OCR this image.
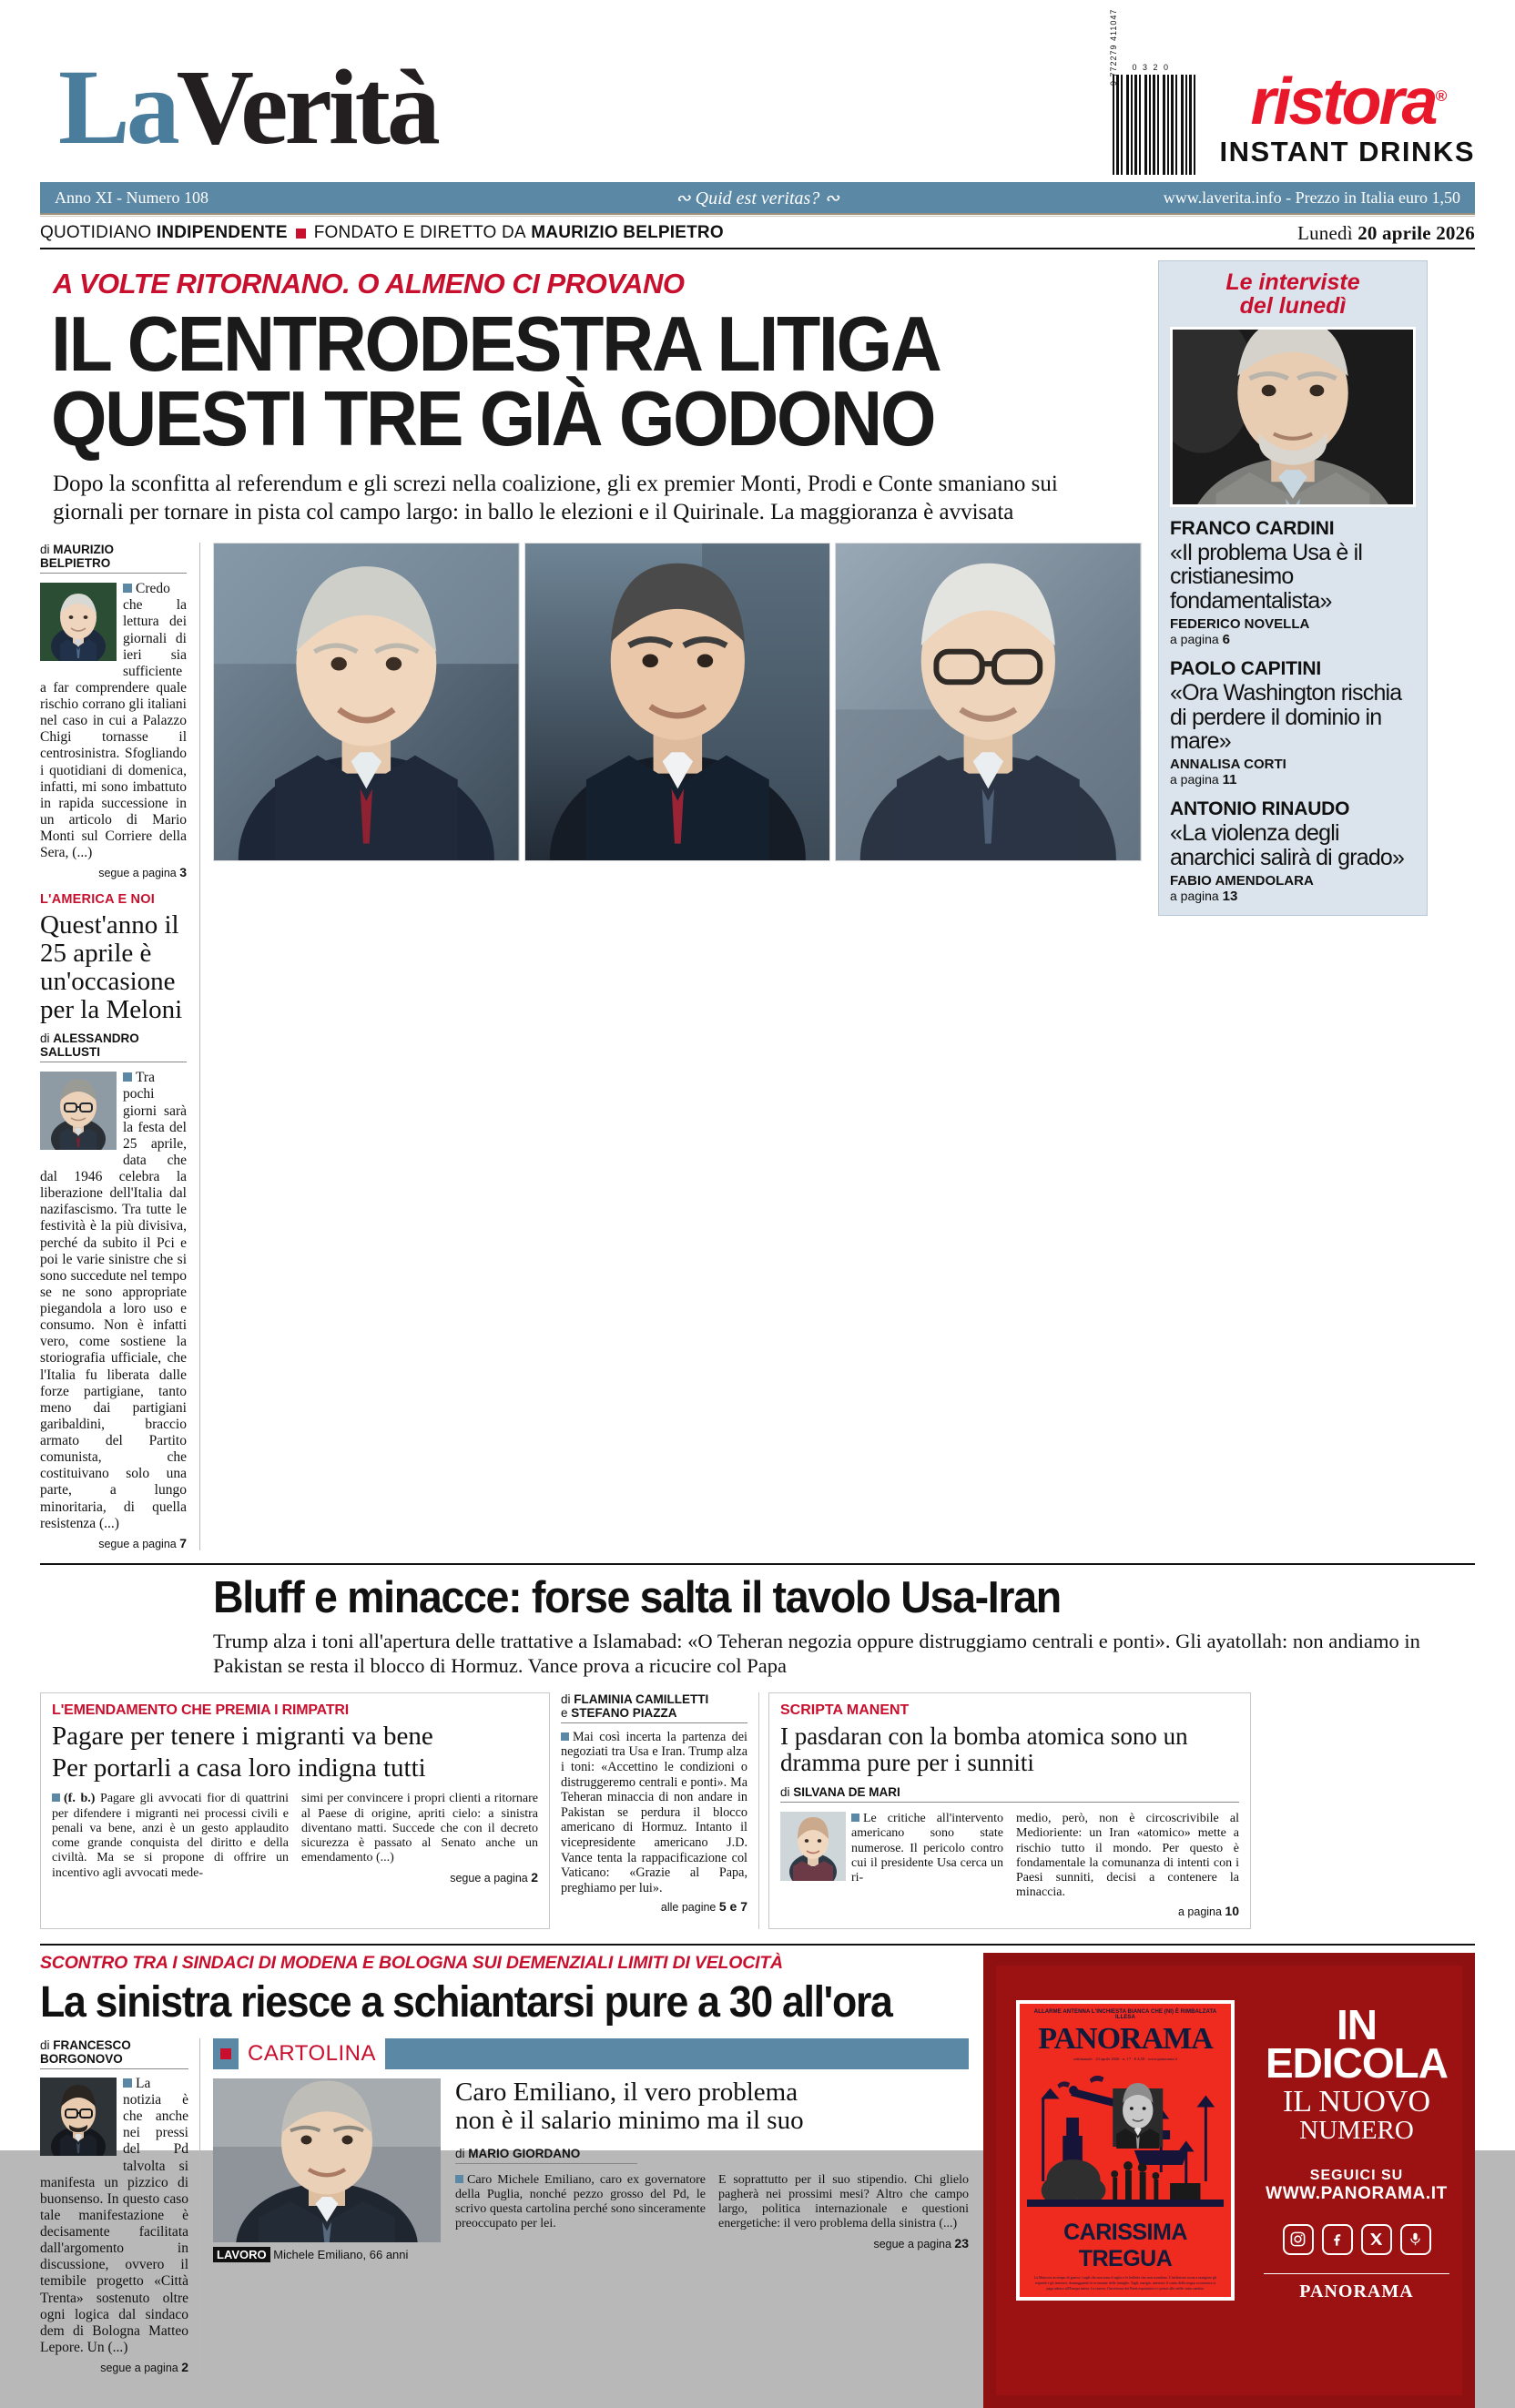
LaVerità	0 3 2 0
9 772279 411047
ristora®
INSTANT DRINKS
Anno XI - Numero 108	∾ Quid est veritas? ∾	www.laverita.info - Prezzo in Italia euro 1,50
QUOTIDIANO
INDIPENDENTE FONDATO E DIRETTO DA
MAURIZIO BELPIETRO	Lunedì 20 aprile 2026
A VOLTE RITORNANO. O ALMENO CI PROVANO
IL CENTRODESTRA LITIGA
QUESTI TRE GIÀ GODONO
Dopo la sconfitta al referendum e gli screzi nella coalizione, gli ex premier Monti, Prodi e Conte smaniano sui giornali per tornare in pista col campo largo: in ballo le elezioni e il Quirinale. La maggioranza è avvisata
di MAURIZIO BELPIETRO
Credo che la lettura dei giornali di ieri sia sufficiente a far comprendere quale rischio corrano gli italiani nel caso in cui a Palazzo Chigi tornasse il centrosinistra. Sfogliando i quotidiani di domenica, infatti, mi sono imbattuto in rapida successione in un articolo di Mario Monti sul Corriere della Sera, (...)
segue a pagina 3
L'AMERICA E NOI
Quest'anno il 25 aprile è un'occasione per la Meloni
di ALESSANDRO SALLUSTI
Tra pochi giorni sarà la festa del 25 aprile, data che dal 1946 celebra la liberazione dell'Italia dal nazifascismo. Tra tutte le festività è la più divisiva, perché da subito il Pci e poi le varie sinistre che si sono succedute nel tempo se ne sono appropriate piegandola a loro uso e consumo. Non è infatti vero, come sostiene la storiografia ufficiale, che l'Italia fu liberata dalle forze partigiane, tanto meno dai partigiani garibaldini, braccio armato del Partito comunista, che costituivano solo una parte, a lungo minoritaria, di quella resistenza (...)
segue a pagina 7
Le interviste
del lunedì
FRANCO CARDINI
«Il problema Usa è il cristianesimo fondamentalista»
FEDERICO NOVELLA
a pagina 6
PAOLO CAPITINI
«Ora Washington rischia di perdere il dominio in mare»
ANNALISA CORTI
a pagina 11
ANTONIO RINAUDO
«La violenza degli anarchici salirà di grado»
FABIO AMENDOLARA
a pagina 13
Bluff e minacce: forse salta il tavolo Usa-Iran
Trump alza i toni all'apertura delle trattative a Islamabad: «O Teheran negozia oppure distruggiamo centrali e ponti». Gli ayatollah: non andiamo in Pakistan se resta il blocco di Hormuz. Vance prova a ricucire col Papa
L'EMENDAMENTO CHE PREMIA I RIMPATRI
Pagare per tenere i migranti va bene
Per portarli a casa loro indigna tutti
(f. b.) Pagare gli avvocati fior di quattrini per difendere i migranti nei processi civili e penali va bene, anzi è un gesto applaudito come grande conquista del diritto e della civiltà. Ma se si propone di offrire un incentivo agli avvocati mede-
simi per convincere i propri clienti a ritornare al Paese di origine, apriti cielo: a sinistra diventano matti. Succede che con il decreto sicurezza è passato al Senato anche un emendamento (...)
segue a pagina 2
di FLAMINIA CAMILLETTI
e STEFANO PIAZZA
Mai così incerta la partenza dei negoziati tra Usa e Iran. Trump alza i toni: «Accettino le condizioni o distruggeremo centrali e ponti». Ma Teheran minaccia di non andare in Pakistan se perdura il blocco americano di Hormuz. Intanto il vicepresidente americano J.D. Vance tenta la rappacificazione col Vaticano: «Grazie al Papa, preghiamo per lui».
alle pagine 5 e 7
SCRIPTA MANENT
I pasdaran con la bomba atomica sono un dramma pure per i sunniti
di SILVANA DE MARI
Le critiche all'intervento americano sono state numerose. Il pericolo contro cui il presidente Usa cerca un ri-
medio, però, non è circoscrivibile al Medioriente: un Iran «atomico» mette a rischio tutto il mondo. Per questo è fondamentale la comunanza di intenti con i Paesi sunniti, decisi a contenere la minaccia.
a pagina 10
SCONTRO TRA I SINDACI DI MODENA E BOLOGNA SUI DEMENZIALI LIMITI DI VELOCITÀ
La sinistra riesce a schiantarsi pure a 30 all'ora
di FRANCESCO BORGONOVO
La notizia è che anche nei pressi del Pd talvolta si manifesta un pizzico di buonsenso. In questo caso tale manifestazione è decisamente facilitata dall'argomento in discussione, ovvero il temibile progetto «Città Trenta» sostenuto oltre ogni logica dal sindaco dem di Bologna Matteo Lepore. Un (...)
segue a pagina 2
CARTOLINA
LAVORO Michele Emiliano, 66 anni
Caro Emiliano, il vero problema
non è il salario minimo ma il suo
di MARIO GIORDANO
Caro Michele Emiliano, caro ex governatore della Puglia, nonché pezzo grosso del Pd, le scrivo questa cartolina perché sono sinceramente preoccupato per lei.
E soprattutto per il suo stipendio. Chi glielo pagherà nei prossimi mesi? Altro che campo largo, politica internazionale e questioni energetiche: il vero problema della sinistra (...)
segue a pagina 23
ALLARME ANTENNA L'INCHIESTA BIANCA CHE (NI) È RIMBALZATA ILLESA
PANORAMA
settimanale · 23 aprile 2026 · n. 17 · € 4,50 · www.panorama.it
CARISSIMA TREGUA
La Manovra in tempo di guerra: i tagli che non sono il taglio e le bollette che non scendono. L'inflazione torna a mangiare gli stipendi e gli interessi, danneggiando le economie delle famiglie. Tagli, energia, interessi: il conto della tregua economica si paga adesso all'Europa intera. Le riserve, l'incertezza dei Paesi esportatori e i prezzi alle stelle: tutto cambia.
IN
EDICOLA
IL NUOVO
NUMERO
SEGUICI SU
WWW.PANORAMA.IT
PANORAMA
